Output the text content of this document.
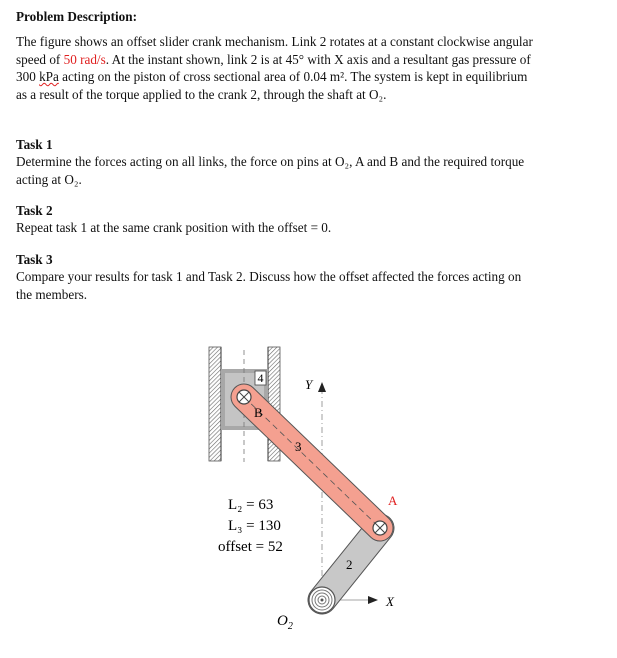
Problem Description:

The figure shows an offset slider crank mechanism. Link 2 rotates at a constant clockwise angular

speed of 50 rad/s. At the instant shown, link 2 is at 45° with X axis and a resultant gas pressure of

300 kPa acting on the piston of cross sectional area of 0.04 m². The system is kept in equilibrium

as a result of the torque applied to the crank 2, through the shaft at O₂.

Task 1

Determine the forces acting on all links, the force on pins at O₂, A and B and the required torque

acting at O₂.

Task 2

Repeat task 1 at the same crank position with the offset = 0.

Task 3

Compare your results for task 1 and Task 2. Discuss how the offset affected the forces acting on

the members.

4
B
3
A
2
Y
X
$O_2$
L₂ = 63
L₃ = 130
offset = 52
